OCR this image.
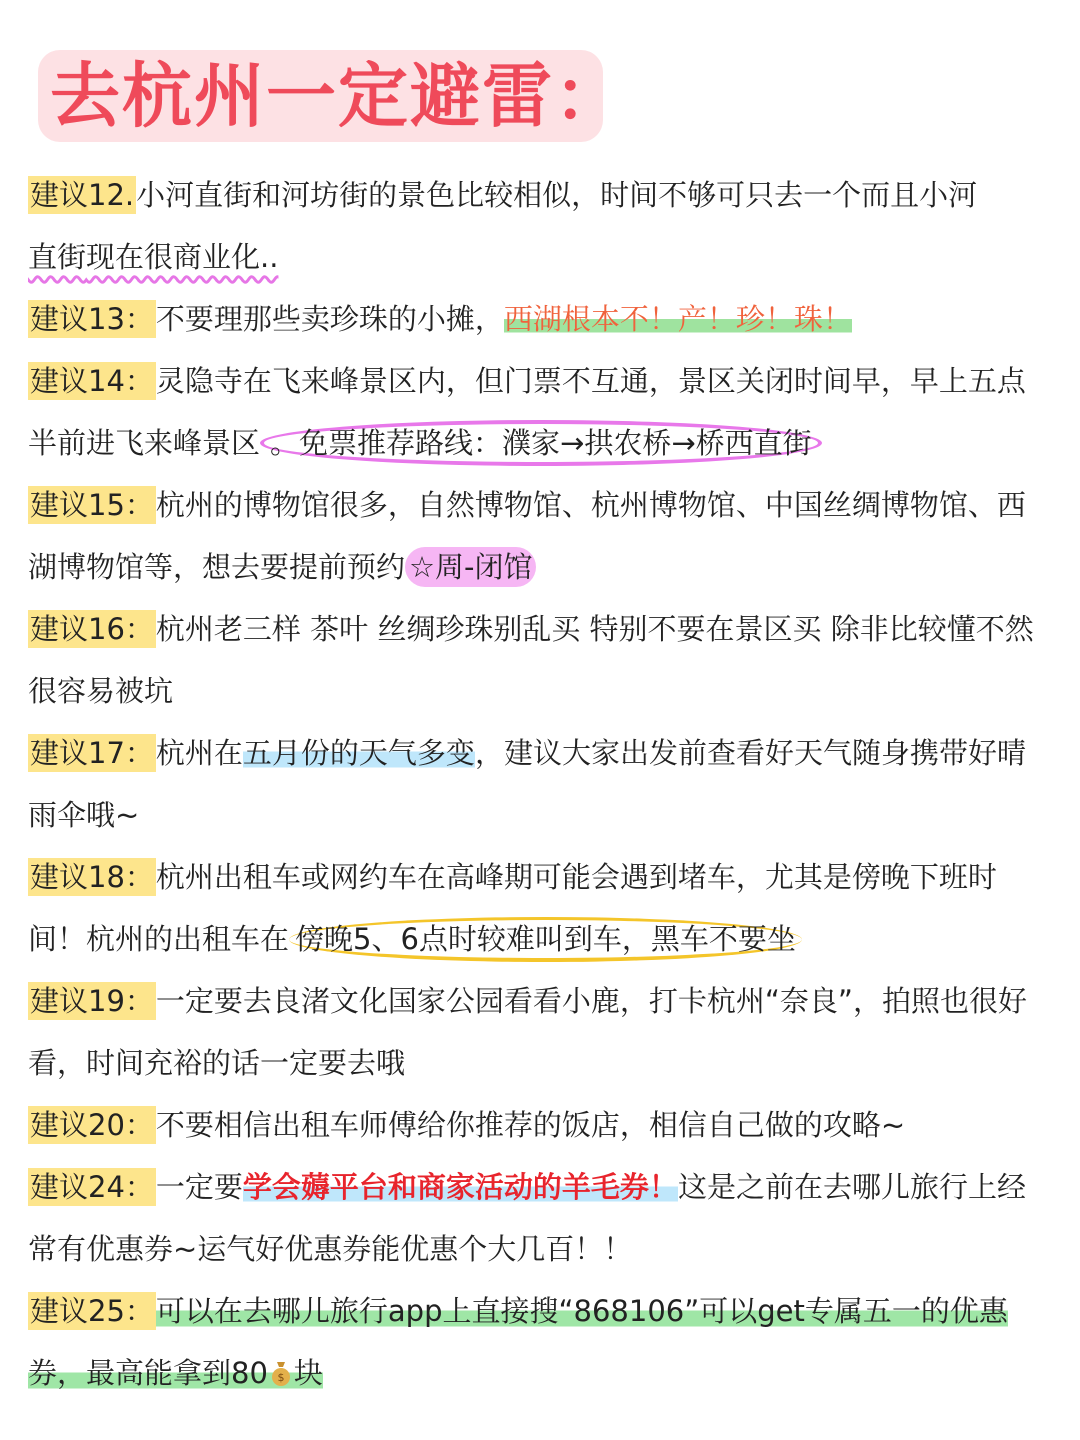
去杭州一定避雷：

建议12.小河直街和河坊街的景色比较相似，时间不够可只去一个而且小河
直街现在很商业化..

建议13：不要理那些卖珍珠的小摊，西湖根本不！产！珍！珠！

建议14：灵隐寺在飞来峰景区内，但门票不互通，景区关闭时间早，早上五点半前进飞来峰景区 。免票推荐路线：濮家→拱农桥→桥西直街

建议15：杭州的博物馆很多，自然博物馆、杭州博物馆、中国丝绸博物馆、西湖博物馆等，想去要提前预约 ☆周-闭馆

建议16：杭州老三样 茶叶 丝绸珍珠别乱买 特别不要在景区买 除非比较懂不然很容易被坑

建议17：杭州在五月份的天气多变，建议大家出发前查看好天气随身携带好晴雨伞哦~

建议18：杭州出租车或网约车在高峰期可能会遇到堵车，尤其是傍晚下班时间！杭州的出租车在 傍晚5、6点时较难叫到车，黑车不要坐

建议19：一定要去良渚文化国家公园看看小鹿，打卡杭州“奈良”，拍照也很好看，时间充裕的话一定要去哦

建议20：不要相信出租车师傅给你推荐的饭店，相信自己做的攻略~

建议24：一定要学会薅平台和商家活动的羊毛券！这是之前在去哪儿旅行上经常有优惠券~运气好优惠券能优惠个大几百！！

建议25：可以在去哪儿旅行app上直接搜“868106”可以get专属五一的优惠券，最高能拿到80 $ 块
